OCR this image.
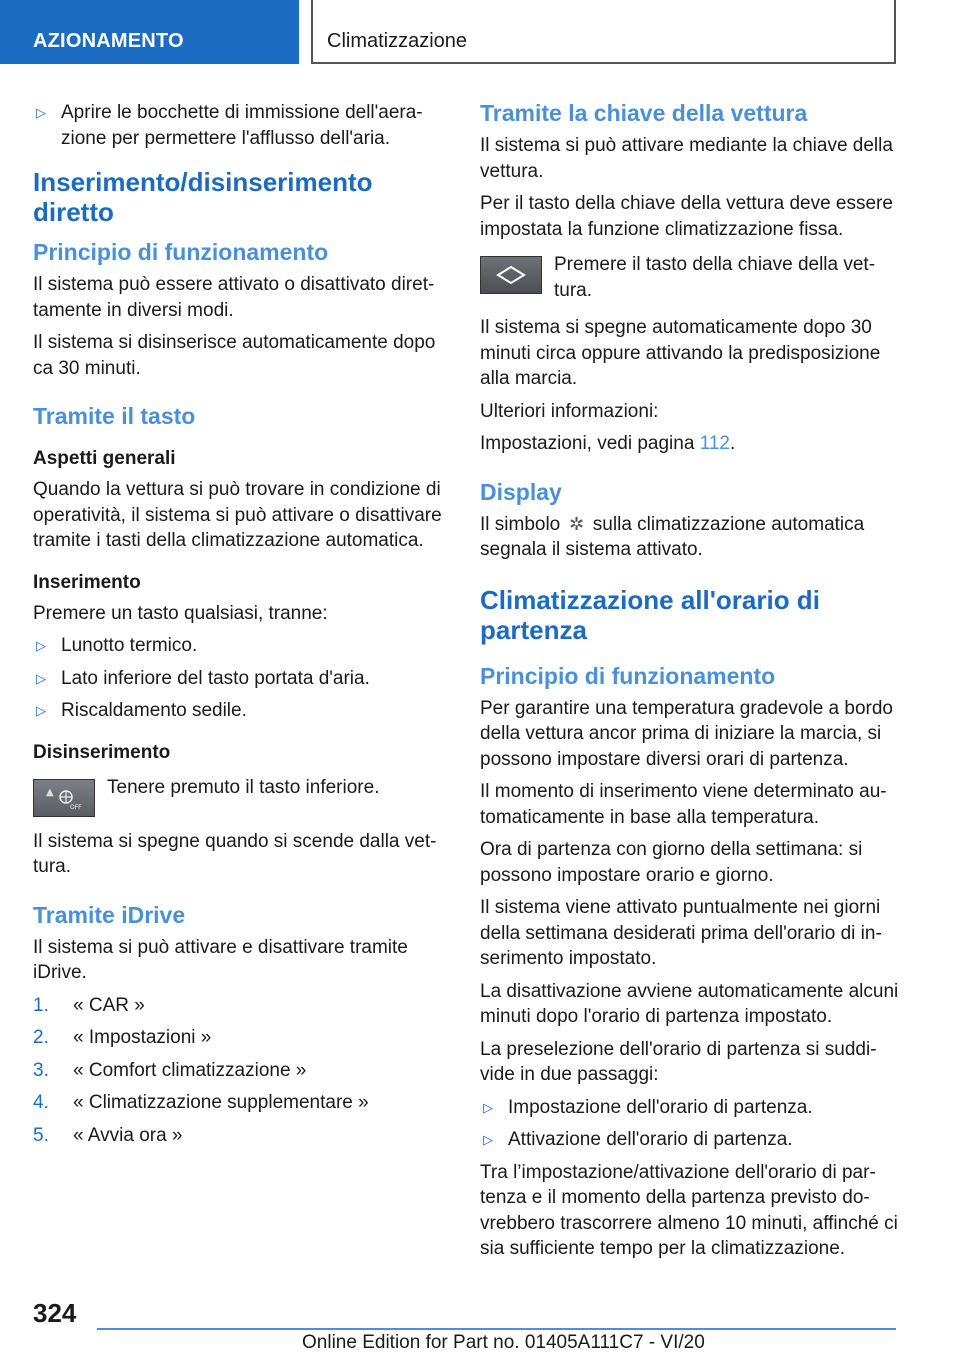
AZIONAMENTO	Climatizzazione
▷ Aprire le bocchette di immissione dell'aerazione per permettere l'afflusso dell'aria.
Inserimento/disinserimento diretto
Principio di funzionamento

Il sistema può essere attivato o disattivato direttamente in diversi modi.

Il sistema si disinserisce automaticamente dopo ca 30 minuti.

Tramite il tasto
Aspetti generali

Quando la vettura si può trovare in condizione di operatività, il sistema si può attivare o disattivare tramite i tasti della climatizzazione automatica.

Inserimento

Premere un tasto qualsiasi, tranne:

▷ Lunotto termico.
▷ Lato inferiore del tasto portata d'aria.
▷ Riscaldamento sedile.
Disinserimento
▲
OFF

Tenere premuto il tasto inferiore.

Il sistema si spegne quando si scende dalla vettura.

Tramite iDrive

Il sistema si può attivare e disattivare tramite iDrive.

1. « CAR »
2. « Impostazioni »
3. « Comfort climatizzazione »
4. « Climatizzazione supplementare »
5. « Avvia ora »
Tramite la chiave della vettura

Il sistema si può attivare mediante la chiave della vettura.

Per il tasto della chiave della vettura deve essere impostata la funzione climatizzazione fissa.

Premere il tasto della chiave della vettura.

Il sistema si spegne automaticamente dopo 30 minuti circa oppure attivando la predisposizione alla marcia.

Ulteriori informazioni:

Impostazioni, vedi pagina 112.

Display

Il simbolo ✲ sulla climatizzazione automatica segnala il sistema attivato.

Climatizzazione all'orario di partenza
Principio di funzionamento

Per garantire una temperatura gradevole a bordo della vettura ancor prima di iniziare la marcia, si possono impostare diversi orari di partenza.

Il momento di inserimento viene determinato automaticamente in base alla temperatura.

Ora di partenza con giorno della settimana: si possono impostare orario e giorno.

Il sistema viene attivato puntualmente nei giorni della settimana desiderati prima dell'orario di inserimento impostato.

La disattivazione avviene automaticamente alcuni minuti dopo l'orario di partenza impostato.

La preselezione dell'orario di partenza si suddivide in due passaggi:

▷ Impostazione dell'orario di partenza.
▷ Attivazione dell'orario di partenza.

Tra l’impostazione/attivazione dell'orario di partenza e il momento della partenza previsto dovrebbero trascorrere almeno 10 minuti, affinché ci sia sufficiente tempo per la climatizzazione.

324
Online Edition for Part no. 01405A111C7 - VI/20
